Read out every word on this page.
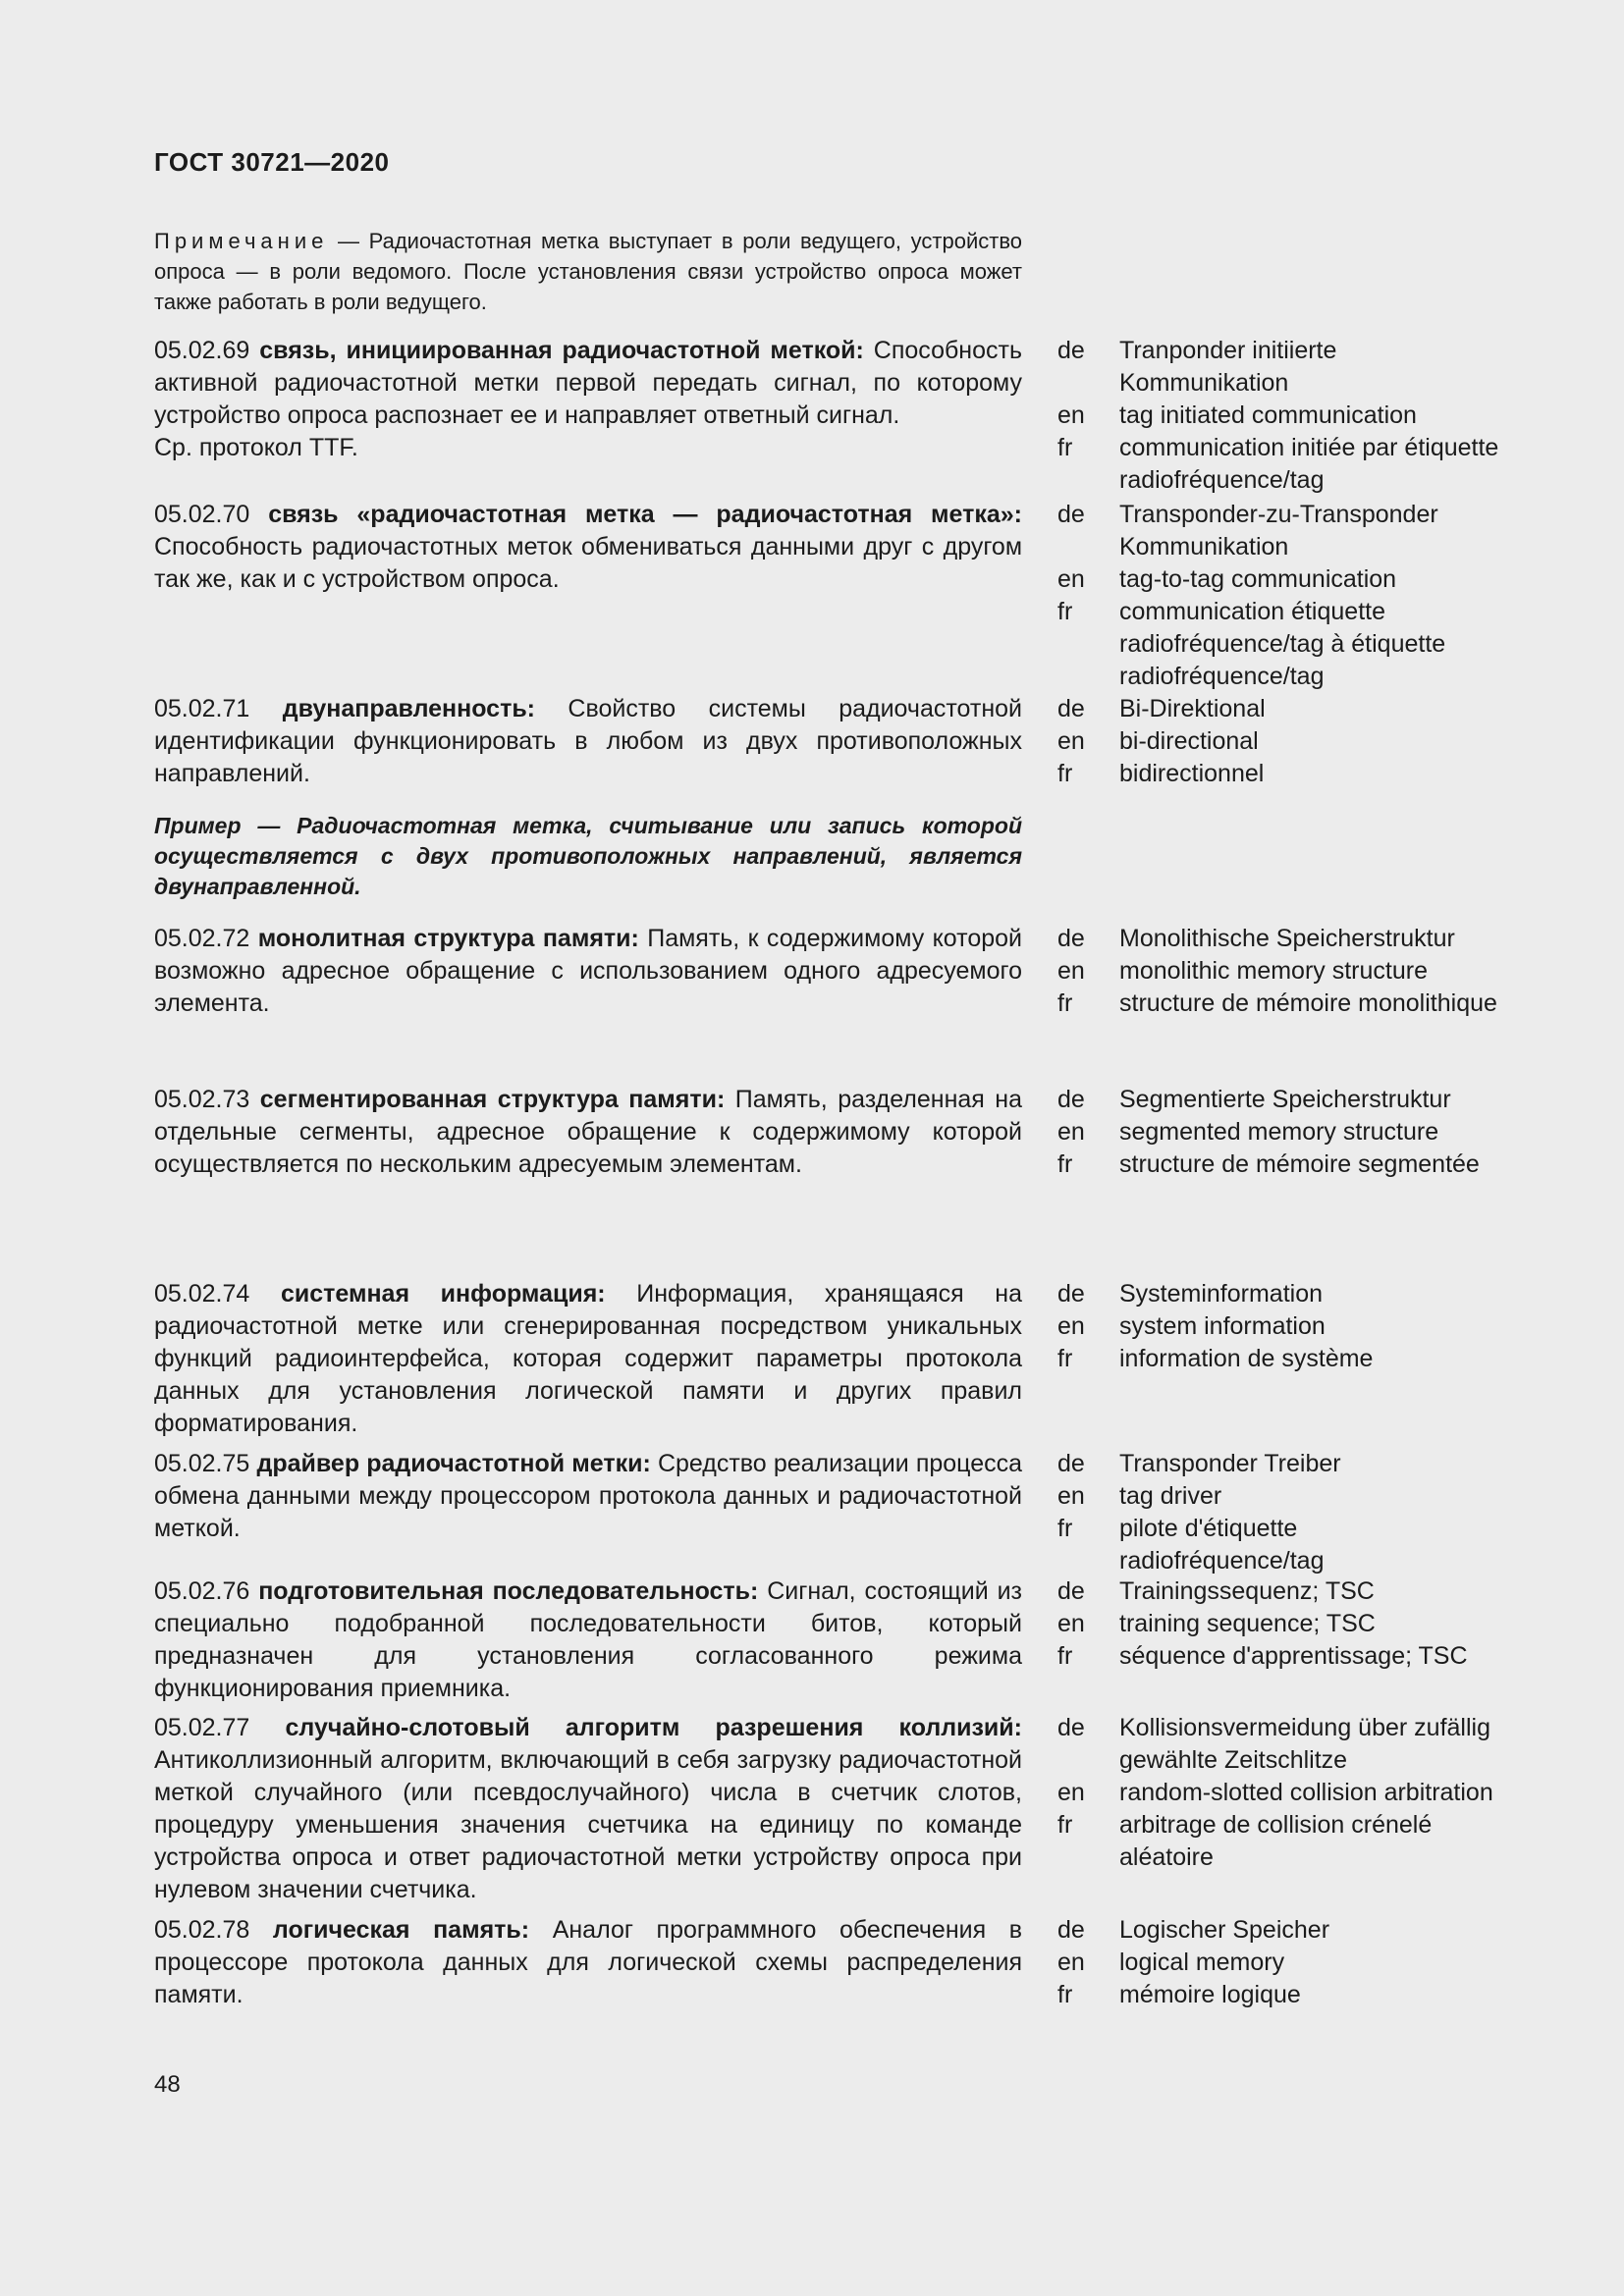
ГОСТ 30721—2020
Примечание — Радиочастотная метка выступает в роли ведущего, устройство опроса — в роли ведомого. После установления связи устройство опроса может также работать в роли ведущего.
05.02.69 связь, инициированная радиочастотной меткой: Способность активной радиочастотной метки первой передать сигнал, по которому устройство опроса распознает ее и направляет ответный сигнал.
Ср. протокол TTF.
de	Tranponder initiierte Kommunikation
en	tag initiated communication
fr	communication initiée par étiquette radiofréquence/tag
05.02.70 связь «радиочастотная метка — радиочастотная метка»: Способность радиочастотных меток обмениваться данными друг с другом так же, как и с устройством опроса.
de	Transponder-zu-Transponder Kommunikation
en	tag-to-tag communication
fr	communication étiquette radiofréquence/tag à étiquette radiofréquence/tag
05.02.71 двунаправленность: Свойство системы радиочастотной идентификации функционировать в любом из двух противоположных направлений.
de	Bi-Direktional
en	bi-directional
fr	bidirectionnel
Пример — Радиочастотная метка, считывание или запись которой осуществляется с двух противоположных направлений, является двунаправленной.
05.02.72 монолитная структура памяти: Память, к содержимому которой возможно адресное обращение с использованием одного адресуемого элемента.
de	Monolithische Speicherstruktur
en	monolithic memory structure
fr	structure de mémoire monolithique
05.02.73 сегментированная структура памяти: Память, разделенная на отдельные сегменты, адресное обращение к содержимому которой осуществляется по нескольким адресуемым элементам.
de	Segmentierte Speicherstruktur
en	segmented memory structure
fr	structure de mémoire segmentée
05.02.74 системная информация: Информация, хранящаяся на радиочастотной метке или сгенерированная посредством уникальных функций радиоинтерфейса, которая содержит параметры протокола данных для установления логической памяти и других правил форматирования.
de	Systeminformation
en	system information
fr	information de système
05.02.75 драйвер радиочастотной метки: Средство реализации процесса обмена данными между процессором протокола данных и радиочастотной меткой.
de	Transponder Treiber
en	tag driver
fr	pilote d'étiquette radiofréquence/tag
05.02.76 подготовительная последовательность: Сигнал, состоящий из специально подобранной последовательности битов, который предназначен для установления согласованного режима функционирования приемника.
de	Trainingssequenz; TSC
en	training sequence; TSC
fr	séquence d'apprentissage; TSC
05.02.77 случайно-слотовый алгоритм разрешения коллизий: Антиколлизионный алгоритм, включающий в себя загрузку радиочастотной меткой случайного (или псевдослучайного) числа в счетчик слотов, процедуру уменьшения значения счетчика на единицу по команде устройства опроса и ответ радиочастотной метки устройству опроса при нулевом значении счетчика.
de	Kollisionsvermeidung über zufällig gewählte Zeitschlitze
en	random-slotted collision arbitration
fr	arbitrage de collision crénelé aléatoire
05.02.78 логическая память: Аналог программного обеспечения в процессоре протокола данных для логической схемы распределения памяти.
de	Logischer Speicher
en	logical memory
fr	mémoire logique
48
